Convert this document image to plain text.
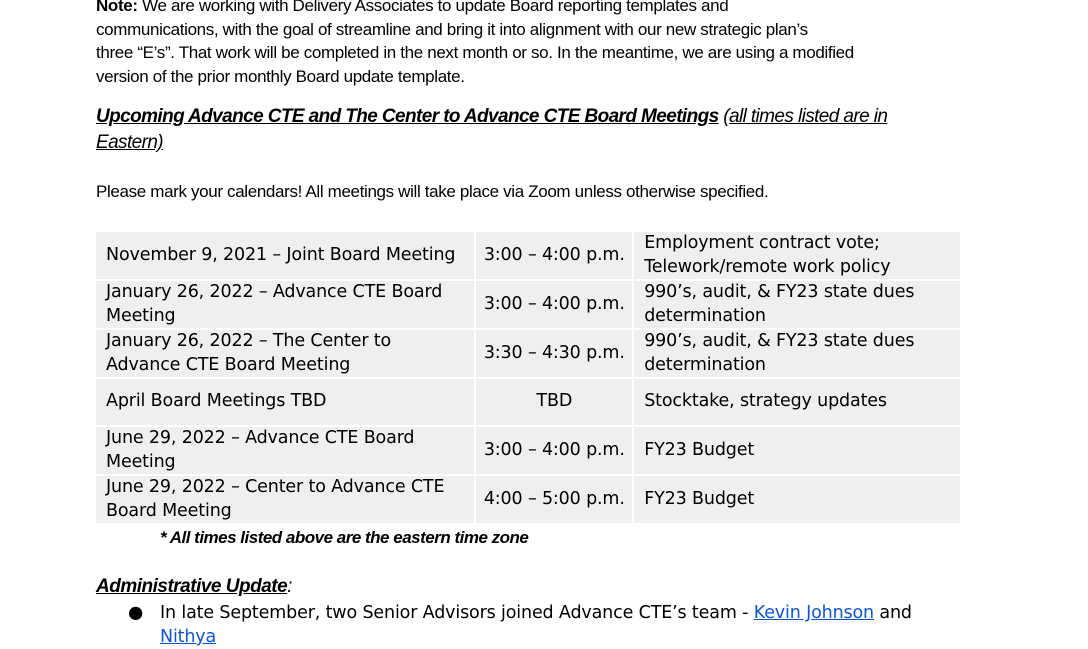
Note: We are working with Delivery Associates to update Board reporting templates and
communications, with the goal of streamline and bring it into alignment with our new strategic plan’s
three “E’s”. That work will be completed in the next month or so. In the meantime, we are using a modified
version of the prior monthly Board update template.

Upcoming Advance CTE and The Center to Advance CTE Board Meetings (all times listed are in
Eastern)

Please mark your calendars! All meetings will take place via Zoom unless otherwise specified.

November 9, 2021 – Joint Board Meeting	3:00 – 4:00 p.m.	Employment contract vote; Telework/remote work policy
January 26, 2022 – Advance CTE Board Meeting	3:00 – 4:00 p.m.	990’s, audit, & FY23 state dues determination
January 26, 2022 – The Center to Advance CTE Board Meeting	3:30 – 4:30 p.m.	990’s, audit, & FY23 state dues determination
April Board Meetings TBD	TBD	Stocktake, strategy updates
June 29, 2022 – Advance CTE Board Meeting	3:00 – 4:00 p.m.	FY23 Budget
June 29, 2022 – Center to Advance CTE Board Meeting	4:00 – 5:00 p.m.	FY23 Budget

* All times listed above are the eastern time zone

Administrative Update:

● In late September, two Senior Advisors joined Advance CTE’s team - Kevin Johnson and Nithya
